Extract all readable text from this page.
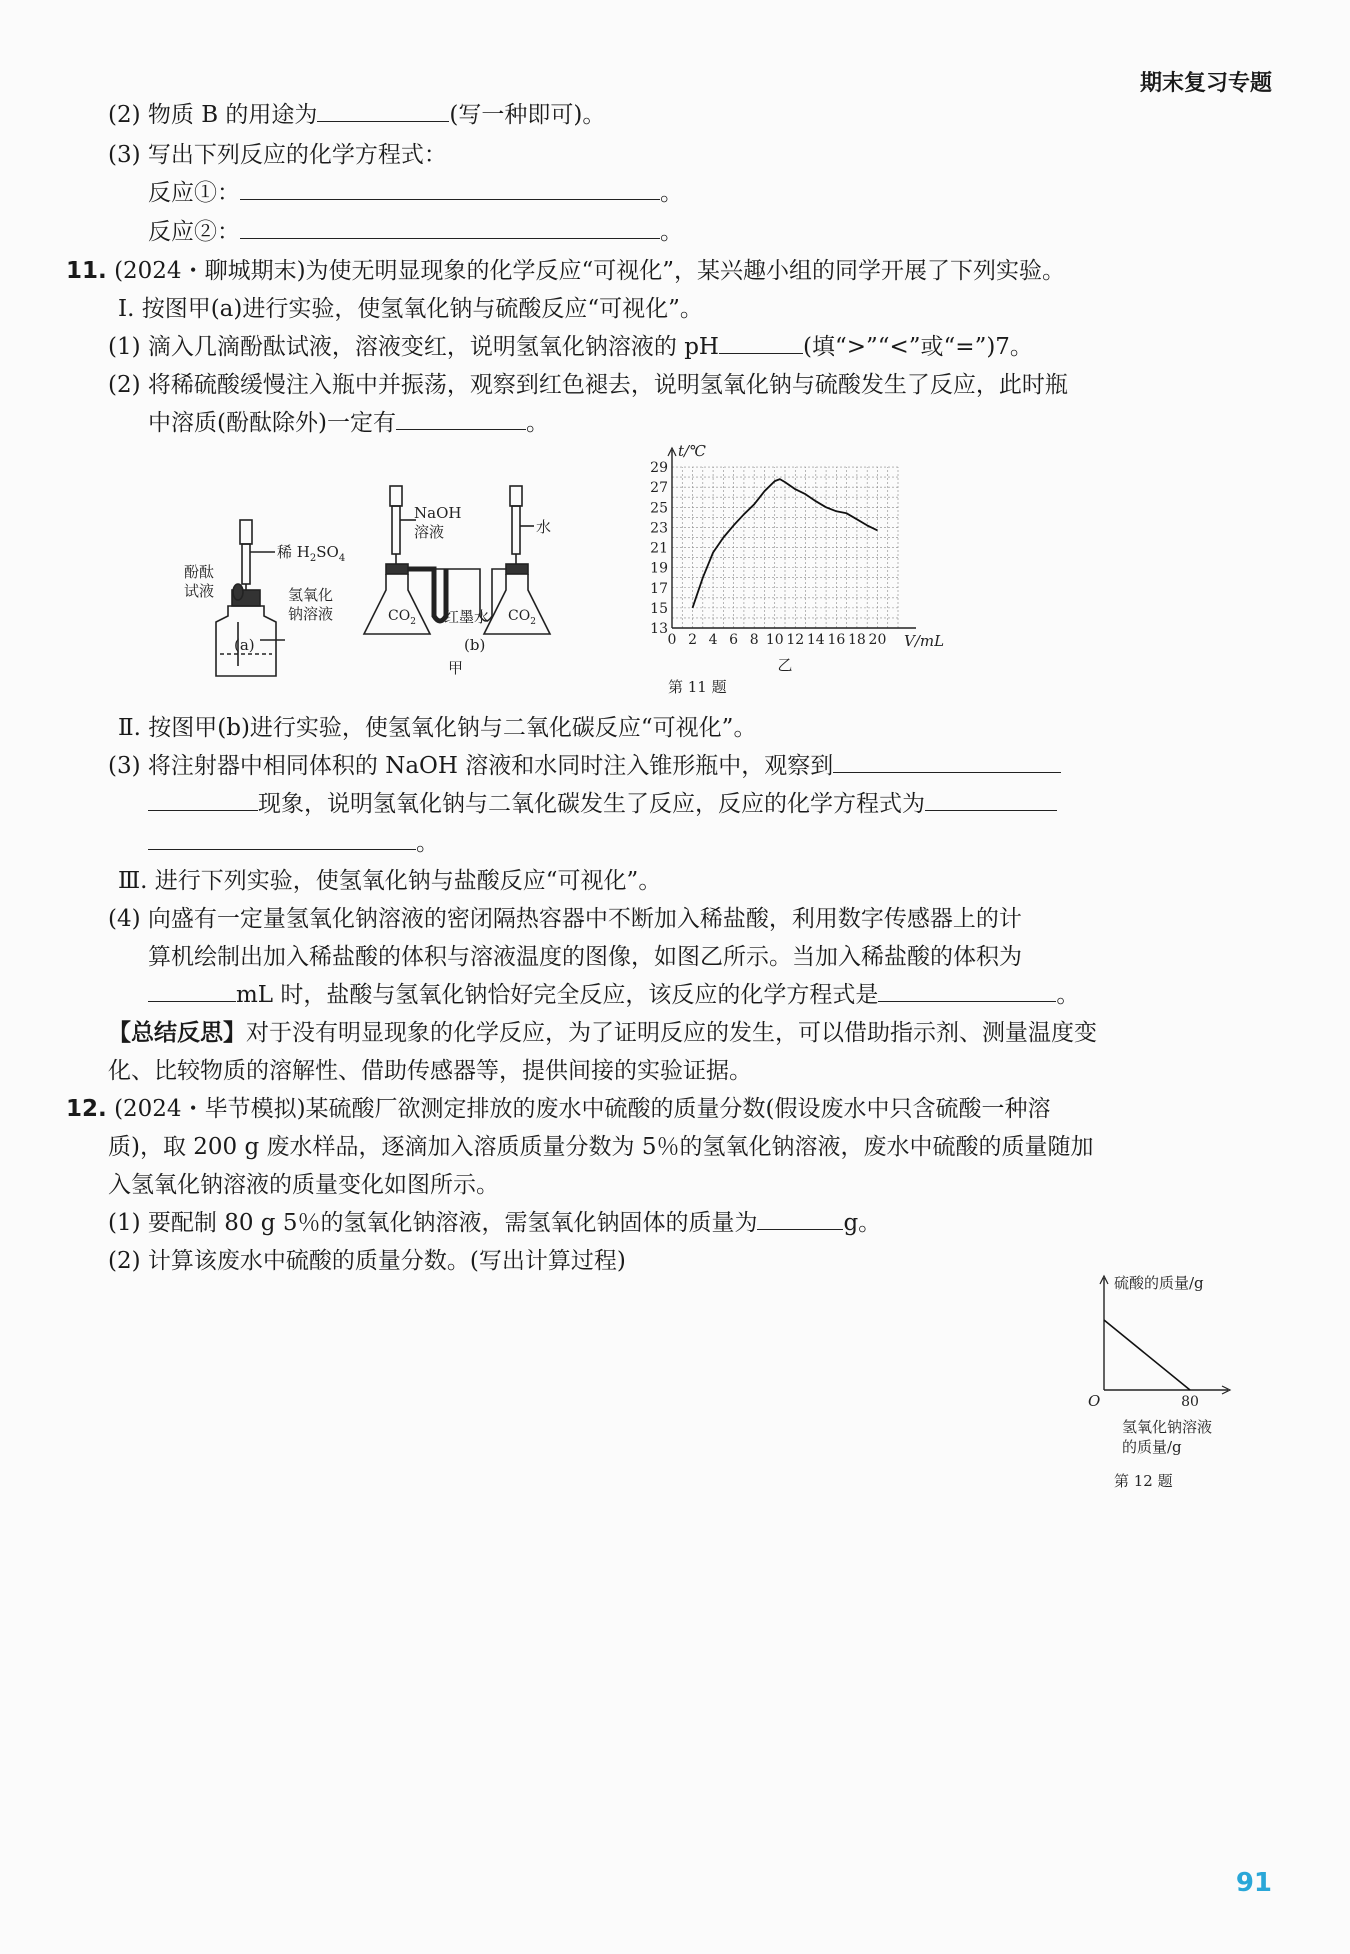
期末复习专题
(2) 物质 B 的用途为	(写一种即可)。
(3) 写出下列反应的化学方程式：
反应①：	。
反应②：	。
11. (2024・聊城期末)为使无明显现象的化学反应“可视化”，某兴趣小组的同学开展了下列实验。
Ⅰ. 按图甲(a)进行实验，使氢氧化钠与硫酸反应“可视化”。
(1) 滴入几滴酚酞试液，溶液变红，说明氢氧化钠溶液的 pH	(填“>”“<”或“=”)7。
(2) 将稀硫酸缓慢注入瓶中并振荡，观察到红色褪去，说明氢氧化钠与硫酸发生了反应，此时瓶
中溶质(酚酞除外)一定有	。
稀 $H_2SO_4$
酚酞
试液	氢氧化
钠溶液
(a)
NaOH
溶液	水
$CO_2$	$CO_2$
红墨水
(b)
甲
第 11 题
0 2 4 6 8 10 12 14 16 18 20
13
15
17
19
21
23
25
27
29
V/mL
t/℃
乙
Ⅱ. 按图甲(b)进行实验，使氢氧化钠与二氧化碳反应“可视化”。
(3) 将注射器中相同体积的 NaOH 溶液和水同时注入锥形瓶中，观察到
现象，说明氢氧化钠与二氧化碳发生了反应，反应的化学方程式为
。
Ⅲ. 进行下列实验，使氢氧化钠与盐酸反应“可视化”。
(4) 向盛有一定量氢氧化钠溶液的密闭隔热容器中不断加入稀盐酸，利用数字传感器上的计
算机绘制出加入稀盐酸的体积与溶液温度的图像，如图乙所示。当加入稀盐酸的体积为
mL 时，盐酸与氢氧化钠恰好完全反应，该反应的化学方程式是	。
【总结反思】对于没有明显现象的化学反应，为了证明反应的发生，可以借助指示剂、测量温度变
化、比较物质的溶解性、借助传感器等，提供间接的实验证据。
12. (2024・毕节模拟)某硫酸厂欲测定排放的废水中硫酸的质量分数(假设废水中只含硫酸一种溶
质)，取 200 g 废水样品，逐滴加入溶质质量分数为 5％的氢氧化钠溶液，废水中硫酸的质量随加
入氢氧化钠溶液的质量变化如图所示。
(1) 要配制 80 g 5％的氢氧化钠溶液，需氢氧化钠固体的质量为	g。
(2) 计算该废水中硫酸的质量分数。(写出计算过程)
硫酸的质量/g
O	80
氢氧化钠溶液
的质量/g
第 12 题
91
